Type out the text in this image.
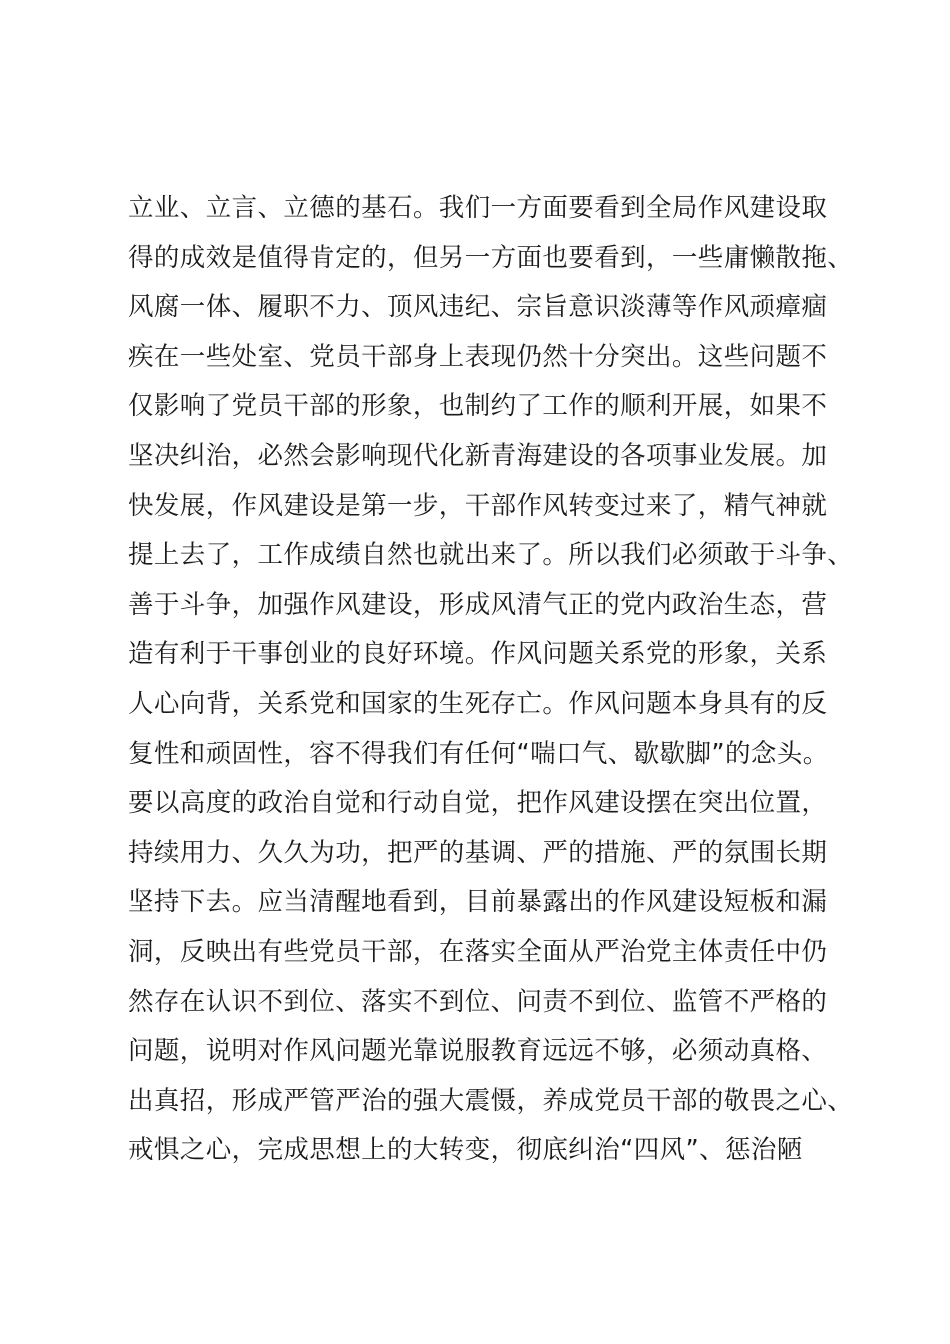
立业、立言、立德的基石。我们一方面要看到全局作风建设取
得的成效是值得肯定的，但另一方面也要看到，一些庸懒散拖、
风腐一体、履职不力、顶风违纪、宗旨意识淡薄等作风顽瘴痼
疾在一些处室、党员干部身上表现仍然十分突出。这些问题不
仅影响了党员干部的形象，也制约了工作的顺利开展，如果不
坚决纠治，必然会影响现代化新青海建设的各项事业发展。加
快发展，作风建设是第一步，干部作风转变过来了，精气神就
提上去了，工作成绩自然也就出来了。所以我们必须敢于斗争、
善于斗争，加强作风建设，形成风清气正的党内政治生态，营
造有利于干事创业的良好环境。作风问题关系党的形象，关系
人心向背，关系党和国家的生死存亡。作风问题本身具有的反
复性和顽固性，容不得我们有任何“喘口气、歇歇脚”的念头。
要以高度的政治自觉和行动自觉，把作风建设摆在突出位置，
持续用力、久久为功，把严的基调、严的措施、严的氛围长期
坚持下去。应当清醒地看到，目前暴露出的作风建设短板和漏
洞，反映出有些党员干部，在落实全面从严治党主体责任中仍
然存在认识不到位、落实不到位、问责不到位、监管不严格的
问题，说明对作风问题光靠说服教育远远不够，必须动真格、
出真招，形成严管严治的强大震慑，养成党员干部的敬畏之心、
戒惧之心，完成思想上的大转变，彻底纠治“四风”、惩治陋
